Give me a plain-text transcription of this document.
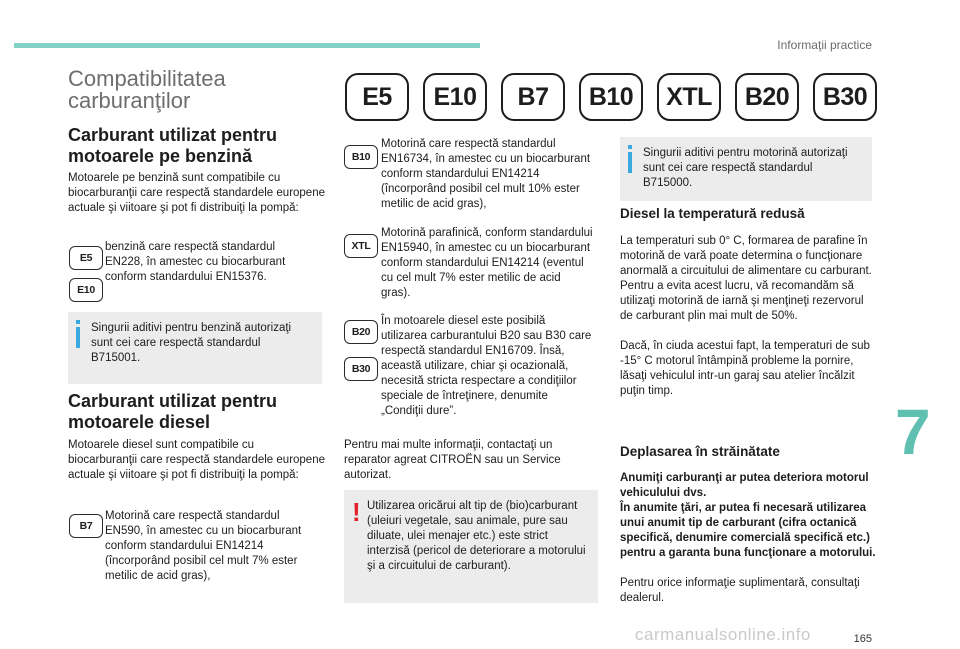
Informaţii practice
7
165
carmanualsonline.info
Compatibilitatea
carburanţilor	E5	E10	B7	B10	XTL	B20	B30
Carburant utilizat pentru
motoarele pe benzină

Motoarele pe benzină sunt compatibile cu biocarburanţii care respectă standardele europene actuale şi viitoare şi pot fi distribuiţi la pompă:

E5
E10

benzină care respectă standardul EN228, în amestec cu biocarburant conform standardului EN15376.

Singurii aditivi pentru benzină autorizaţi sunt cei care respectă standardul B715001.
Carburant utilizat pentru
motoarele diesel

Motoarele diesel sunt compatibile cu biocarburanţii care respectă standardele europene actuale şi viitoare şi pot fi distribuiţi la pompă:

B7

Motorină care respectă standardul EN590, în amestec cu un biocarburant conform standardului EN14214 (încorporând posibil cel mult 7% ester metilic de acid gras),

B10

Motorină care respectă standardul EN16734, în amestec cu un biocarburant conform standardului EN14214 (încorporând posibil cel mult 10% ester metilic de acid gras),

XTL

Motorină parafinică, conform standardului EN15940, în amestec cu un biocarburant conform standardului EN14214 (eventul cu cel mult 7% ester metilic de acid gras).

B20
B30

În motoarele diesel este posibilă utilizarea carburantului B20 sau B30 care respectă standardul EN16709. Însă, această utilizare, chiar şi ocazională, necesită stricta respectare a condiţiilor speciale de întreţinere, denumite „Condiţii dure”.

Pentru mai multe informaţii, contactaţi un reparator agreat CITROËN sau un Service autorizat.

! Utilizarea oricărui alt tip de (bio)carburant (uleiuri vegetale, sau animale, pure sau diluate, ulei menajer etc.) este strict interzisă (pericol de deteriorare a motorului şi a circuitului de carburant).
Singurii aditivi pentru motorină autorizaţi sunt cei care respectă standardul B715000.
Diesel la temperatură redusă

La temperaturi sub 0° C, formarea de parafine în motorină de vară poate determina o funcţionare anormală a circuitului de alimentare cu carburant. Pentru a evita acest lucru, vă recomandăm să utilizaţi motorină de iarnă şi menţineţi rezervorul de carburant plin mai mult de 50%.

Dacă, în ciuda acestui fapt, la temperaturi de sub -15° C motorul întâmpină probleme la pornire, lăsaţi vehiculul intr-un garaj sau atelier încălzit puţin timp.

Deplasarea în străinătate

Anumiţi carburanţi ar putea deteriora motorul vehiculului dvs.

În anumite ţări, ar putea fi necesară utilizarea unui anumit tip de carburant (cifra octanică specifică, denumire comercială specifică etc.) pentru a garanta buna funcţionare a motorului.

Pentru orice informaţie suplimentară, consultaţi dealerul.
